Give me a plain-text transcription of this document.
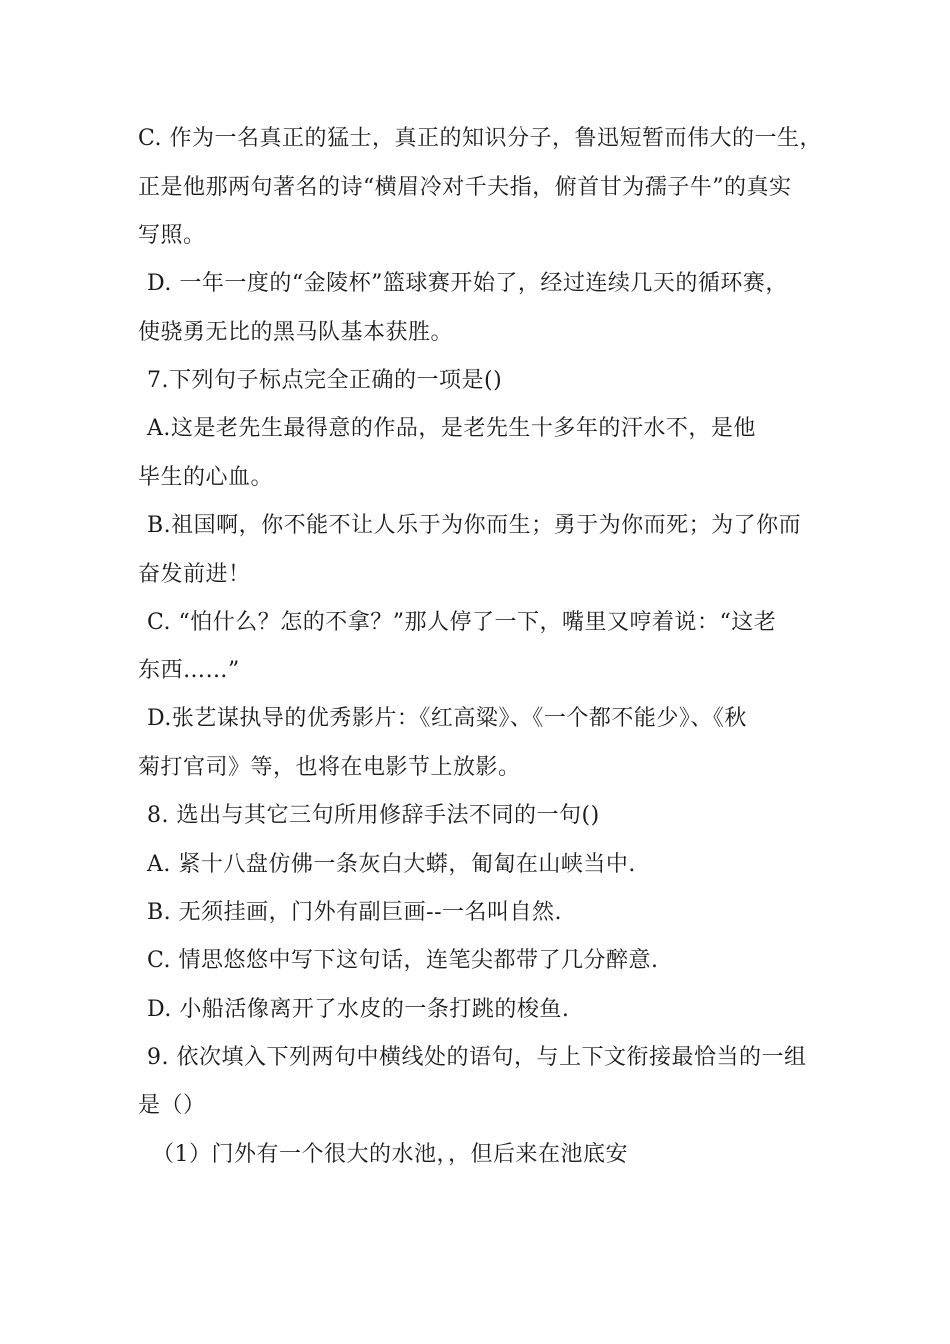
C. 作为一名真正的猛士，真正的知识分子，鲁迅短暂而伟大的一生，
正是他那两句著名的诗“横眉冷对千夫指，俯首甘为孺子牛”的真实
写照。
D. 一年一度的“金陵杯”篮球赛开始了，经过连续几天的循环赛，
使骁勇无比的黑马队基本获胜。
7.下列句子标点完全正确的一项是()
A.这是老先生最得意的作品，是老先生十多年的汗水不，是他
毕生的心血。
B.祖国啊，你不能不让人乐于为你而生；勇于为你而死；为了你而
奋发前进！
C. “怕什么？怎的不拿？”那人停了一下，嘴里又哼着说：“这老
东西……”
D.张艺谋执导的优秀影片：《红高粱》、《一个都不能少》、《秋
菊打官司》等，也将在电影节上放影。
8. 选出与其它三句所用修辞手法不同的一句()
A. 紧十八盘仿佛一条灰白大蟒，匍匐在山峡当中.
B. 无须挂画，门外有副巨画--一名叫自然.
C. 情思悠悠中写下这句话，连笔尖都带了几分醉意.
D. 小船活像离开了水皮的一条打跳的梭鱼.
9. 依次填入下列两句中横线处的语句，与上下文衔接最恰当的一组
是（）
（1）门外有一个很大的水池，，但后来在池底安
